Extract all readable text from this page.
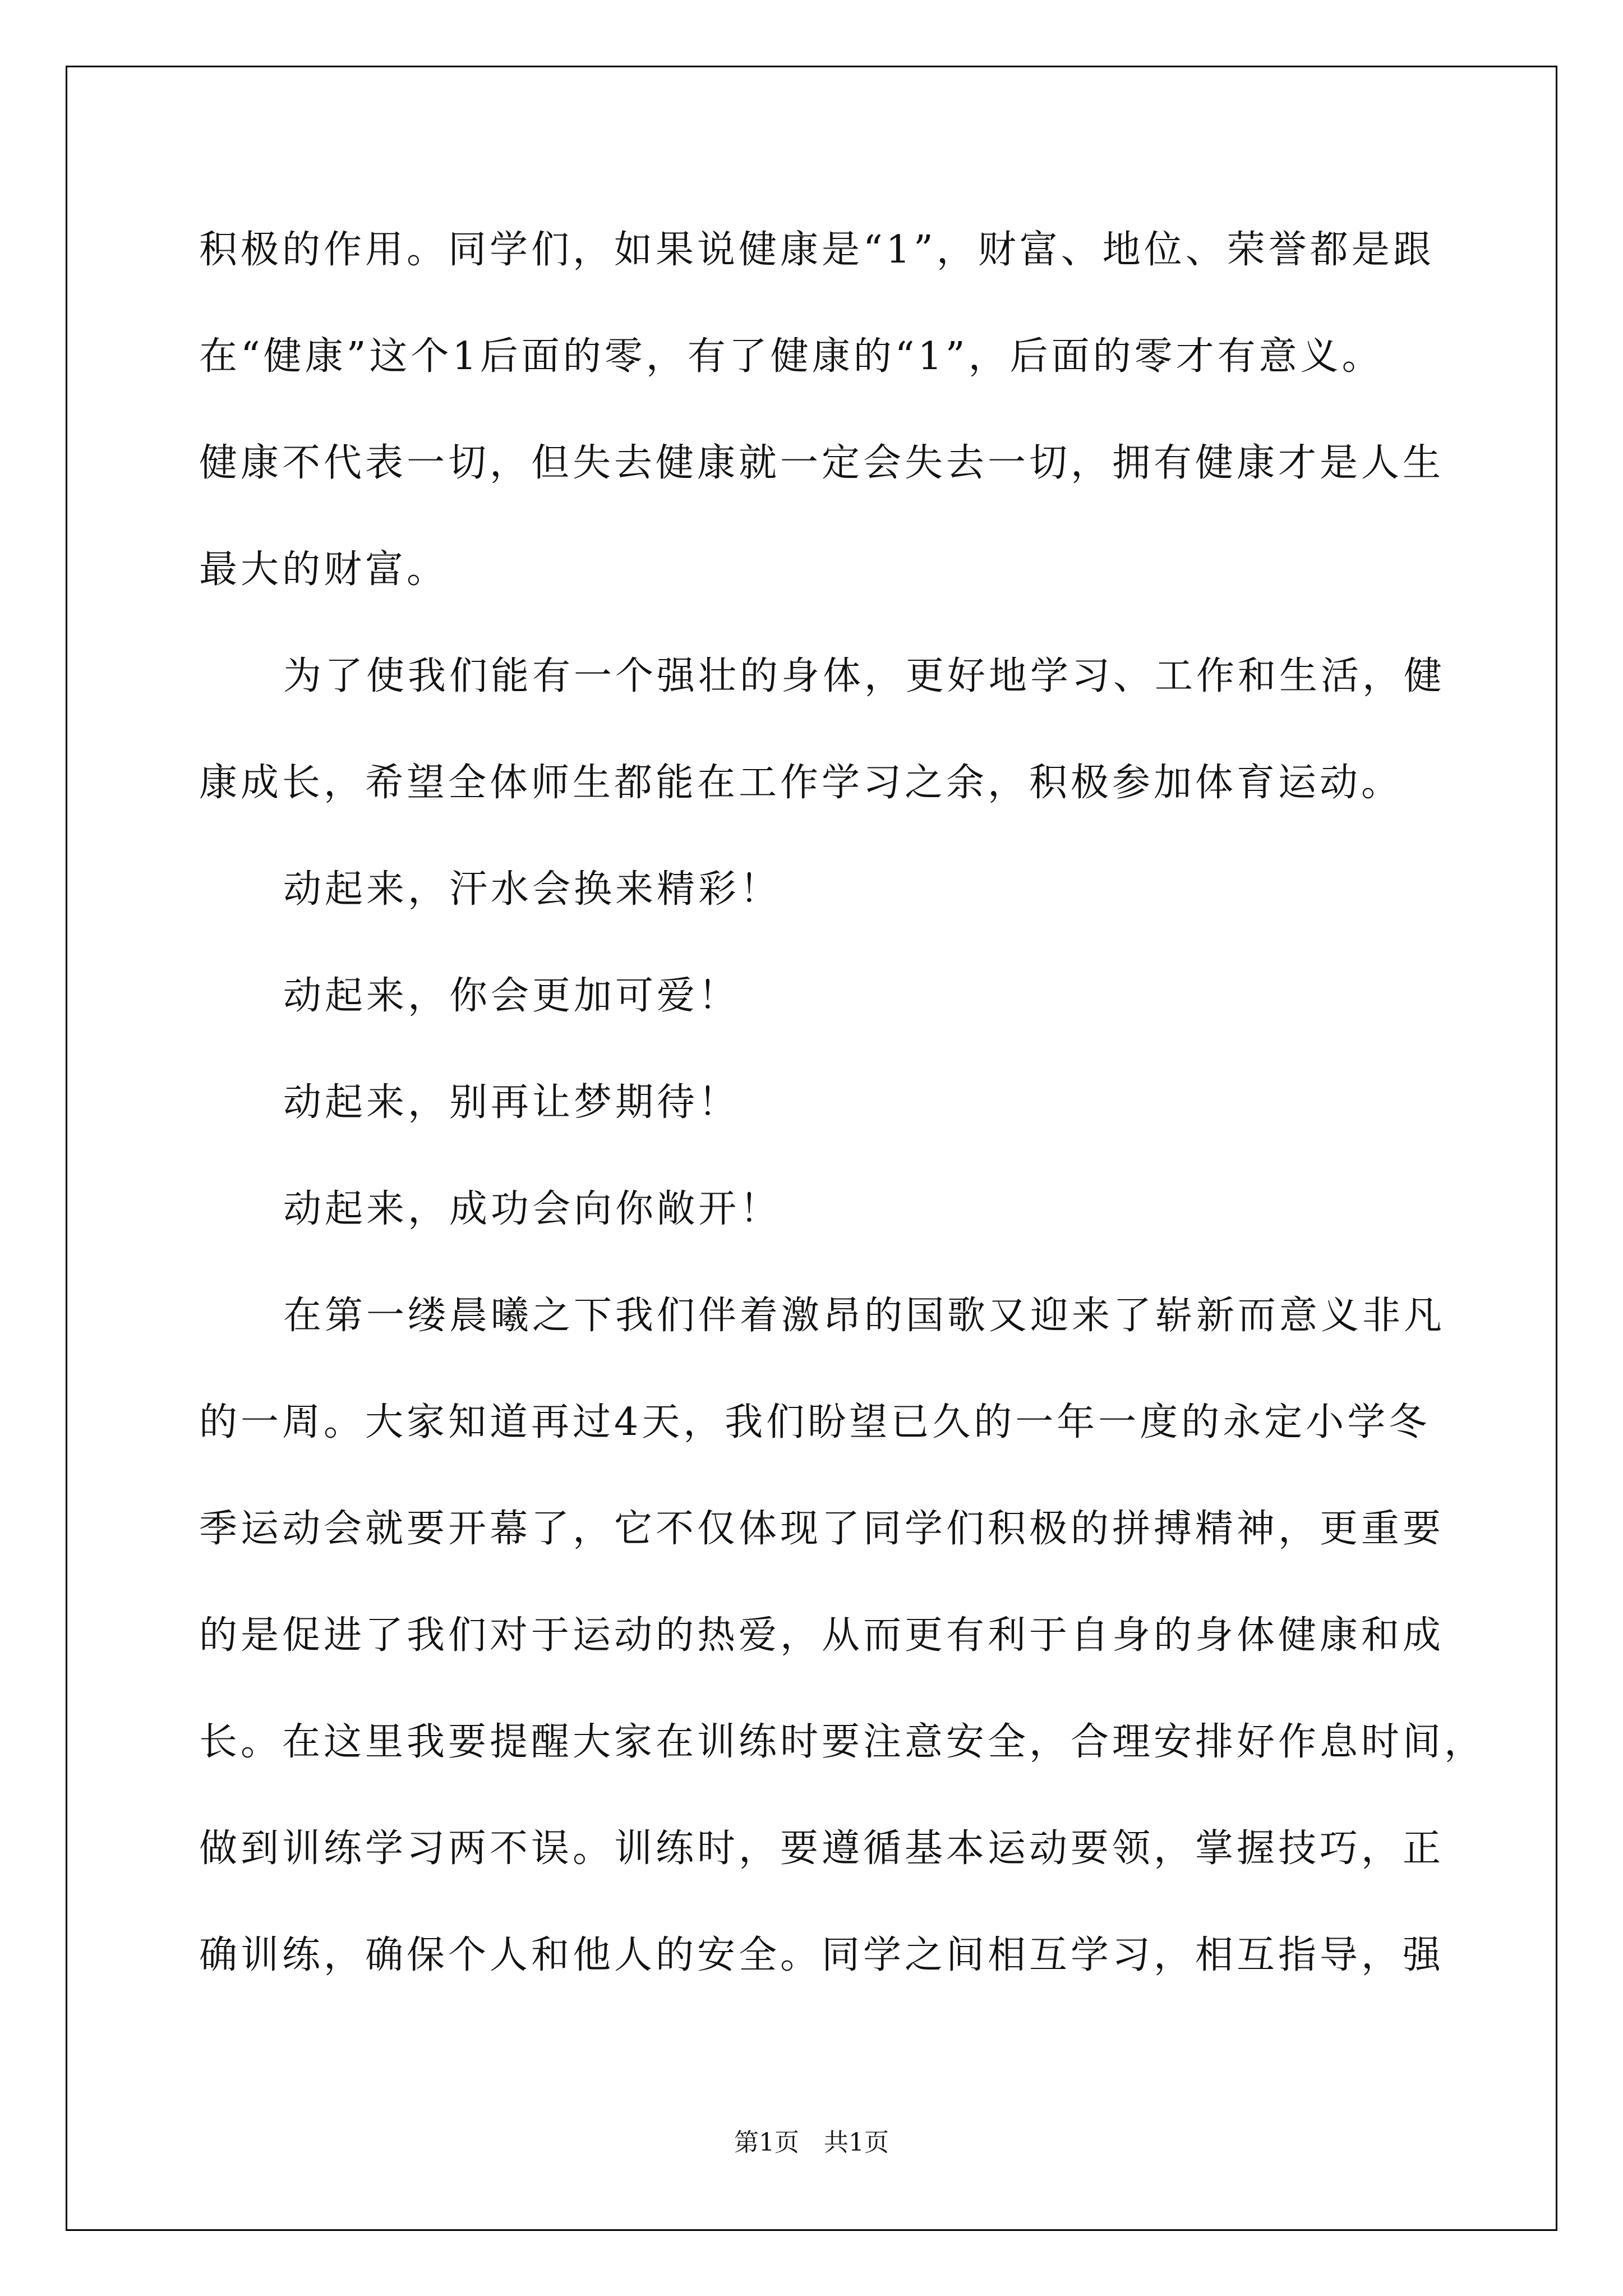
积极的作用。同学们，如果说健康是“1”，财富、地位、荣誉都是跟
在“健康”这个1后面的零，有了健康的“1”，后面的零才有意义。
健康不代表一切，但失去健康就一定会失去一切，拥有健康才是人生
最大的财富。
为了使我们能有一个强壮的身体，更好地学习、工作和生活，健
康成长，希望全体师生都能在工作学习之余，积极参加体育运动。
动起来，汗水会换来精彩！
动起来，你会更加可爱！
动起来，别再让梦期待！
动起来，成功会向你敞开！
在第一缕晨曦之下我们伴着激昂的国歌又迎来了崭新而意义非凡
的一周。大家知道再过4天，我们盼望已久的一年一度的永定小学冬
季运动会就要开幕了，它不仅体现了同学们积极的拼搏精神，更重要
的是促进了我们对于运动的热爱，从而更有利于自身的身体健康和成
长。在这里我要提醒大家在训练时要注意安全，合理安排好作息时间，
做到训练学习两不误。训练时，要遵循基本运动要领，掌握技巧，正
确训练，确保个人和他人的安全。同学之间相互学习，相互指导，强
第1页　共1页
